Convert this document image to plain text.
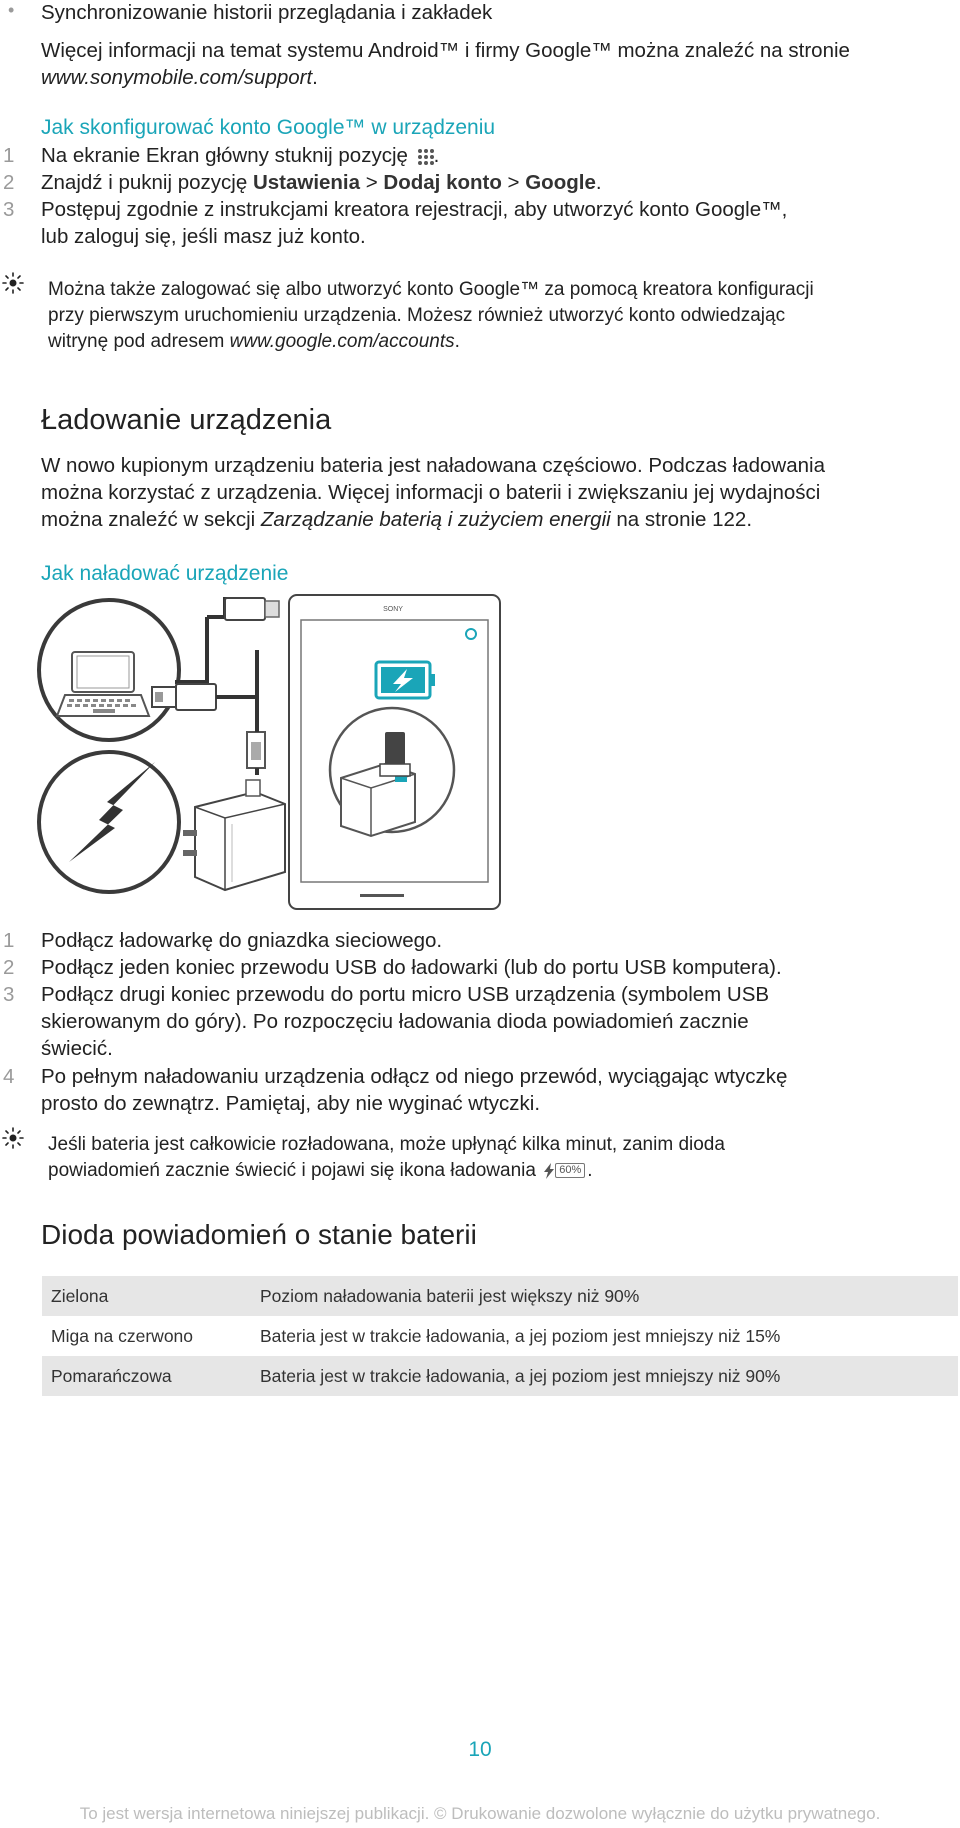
• Synchronizowanie historii przeglądania i zakładek
Więcej informacji na temat systemu Android™ i firmy Google™ można znaleźć na stronie
www.sonymobile.com/support.
Jak skonfigurować konto Google™ w urządzeniu
1	Na ekranie Ekran główny stuknij pozycję .
2	Znajdź i puknij pozycję Ustawienia > Dodaj konto > Google.
3	Postępuj zgodnie z instrukcjami kreatora rejestracji, aby utworzyć konto Google™,
lub zaloguj się, jeśli masz już konto.
Można także zalogować się albo utworzyć konto Google™ za pomocą kreatora konfiguracji
przy pierwszym uruchomieniu urządzenia. Możesz również utworzyć konto odwiedzając
witrynę pod adresem www.google.com/accounts.
Ładowanie urządzenia
W nowo kupionym urządzeniu bateria jest naładowana częściowo. Podczas ładowania
można korzystać z urządzenia. Więcej informacji o baterii i zwiększaniu jej wydajności
można znaleźć w sekcji Zarządzanie baterią i zużyciem energii na stronie 122.
Jak naładować urządzenie
SONY
1	Podłącz ładowarkę do gniazdka sieciowego.
2	Podłącz jeden koniec przewodu USB do ładowarki (lub do portu USB komputera).
3	Podłącz drugi koniec przewodu do portu micro USB urządzenia (symbolem USB
skierowanym do góry). Po rozpoczęciu ładowania dioda powiadomień zacznie
świecić.
4	Po pełnym naładowaniu urządzenia odłącz od niego przewód, wyciągając wtyczkę
prosto do zewnątrz. Pamiętaj, aby nie wyginać wtyczki.
Jeśli bateria jest całkowicie rozładowana, może upłynąć kilka minut, zanim dioda
powiadomień zacznie świecić i pojawi się ikona ładowania	60% .
Dioda powiadomień o stanie baterii
Zielona	Poziom naładowania baterii jest większy niż 90%
Miga na czerwono	Bateria jest w trakcie ładowania, a jej poziom jest mniejszy niż 15%
Pomarańczowa	Bateria jest w trakcie ładowania, a jej poziom jest mniejszy niż 90%
10
To jest wersja internetowa niniejszej publikacji. © Drukowanie dozwolone wyłącznie do użytku prywatnego.
